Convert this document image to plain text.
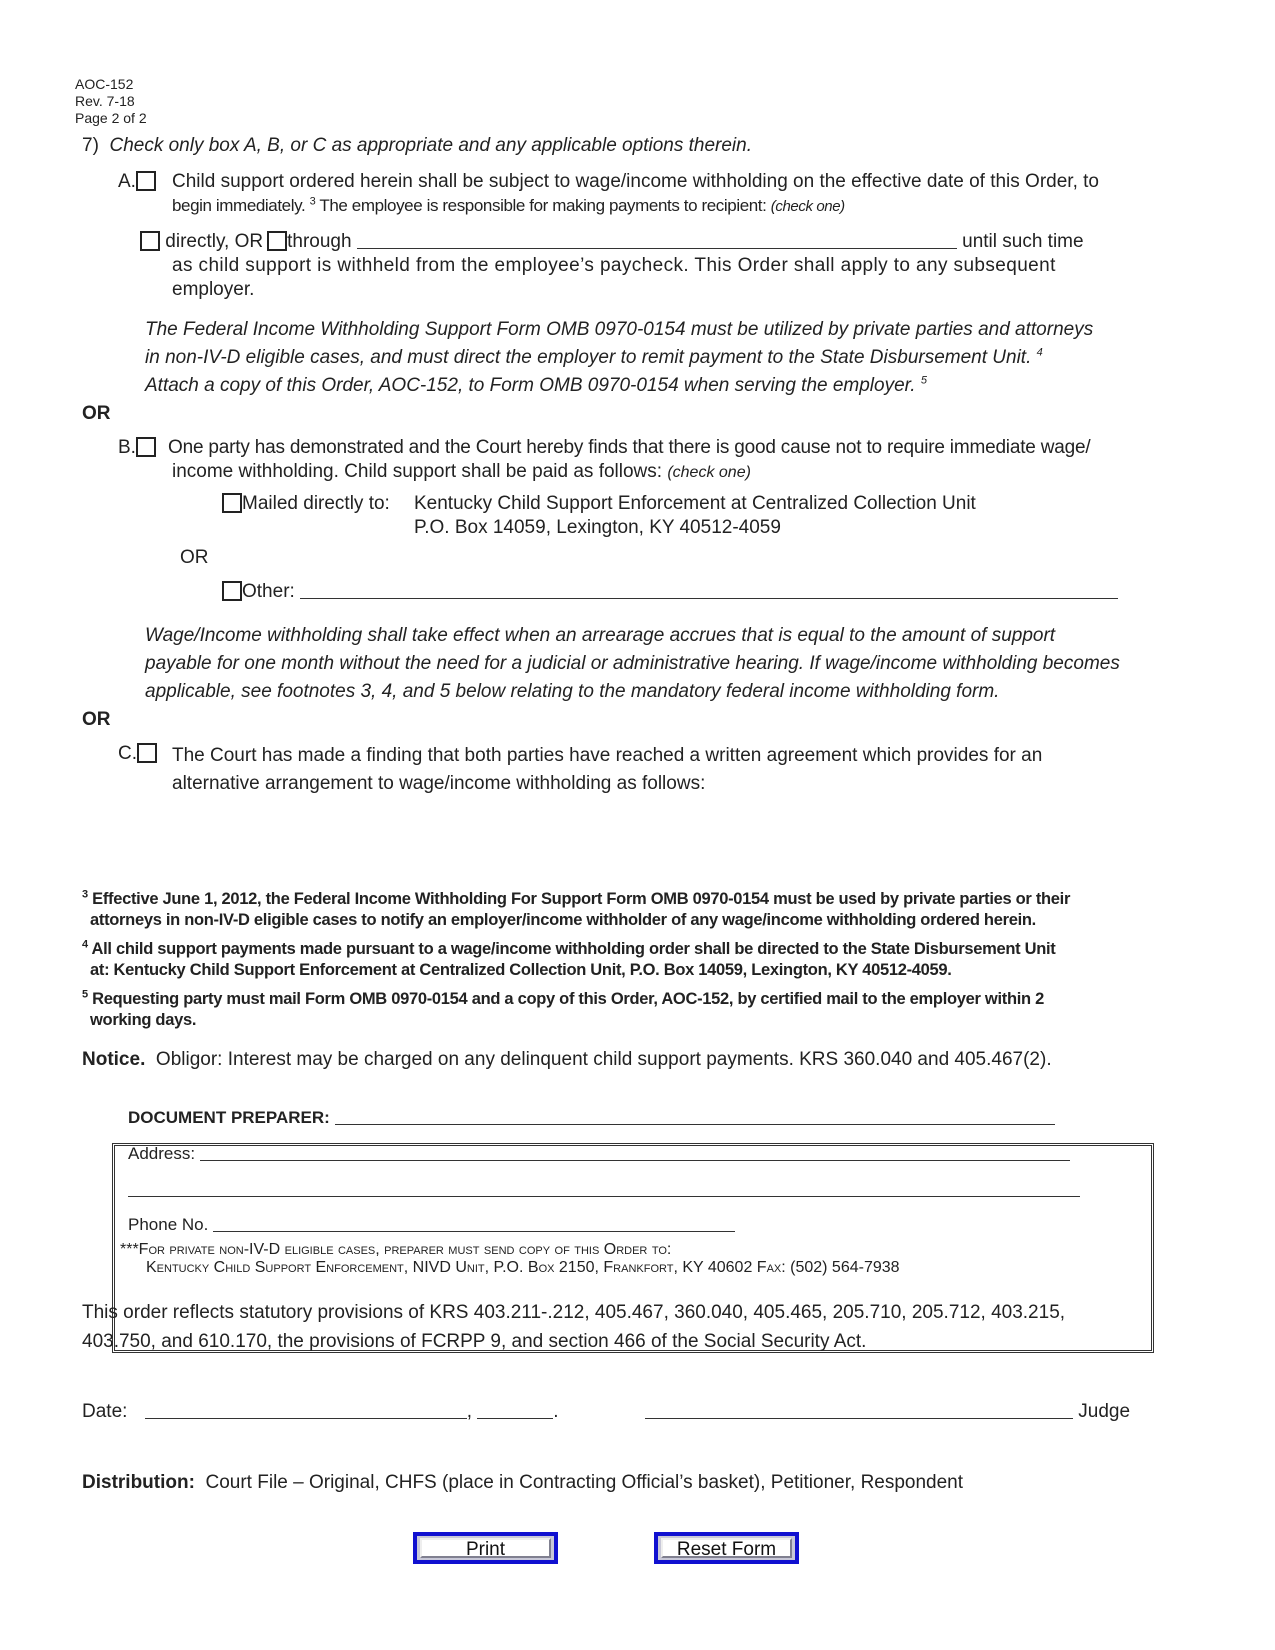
AOC-152
Rev. 7-18
Page 2 of 2
7) Check only box A, B, or C as appropriate and any applicable options therein.
A.	Child support ordered herein shall be subject to wage/income withholding on the effective date of this Order, to
begin immediately. $^3$ The employee is responsible for making payments to recipient: (check one)
directly, OR through	until such time
as child support is withheld from the employee’s paycheck. This Order shall apply to any subsequent
employer.
The Federal Income Withholding Support Form OMB 0970-0154 must be utilized by private parties and attorneys
in non-IV-D eligible cases, and must direct the employer to remit payment to the State Disbursement Unit. $^4$
Attach a copy of this Order, AOC-152, to Form OMB 0970-0154 when serving the employer. $^5$
OR
B.	One party has demonstrated and the Court hereby finds that there is good cause not to require immediate wage/
income withholding. Child support shall be paid as follows: (check one)
Mailed directly to: Kentucky Child Support Enforcement at Centralized Collection Unit
P.O. Box 14059, Lexington, KY 40512-4059
OR
Other:
Wage/Income withholding shall take effect when an arrearage accrues that is equal to the amount of support
payable for one month without the need for a judicial or administrative hearing. If wage/income withholding becomes
applicable, see footnotes 3, 4, and 5 below relating to the mandatory federal income withholding form.
OR
C.	The Court has made a finding that both parties have reached a written agreement which provides for an
alternative arrangement to wage/income withholding as follows:
$^3$ Effective June 1, 2012, the Federal Income Withholding For Support Form OMB 0970-0154 must be used by private parties or their
attorneys in non-IV-D eligible cases to notify an employer/income withholder of any wage/income withholding ordered herein.
$^4$ All child support payments made pursuant to a wage/income withholding order shall be directed to the State Disbursement Unit
at: Kentucky Child Support Enforcement at Centralized Collection Unit, P.O. Box 14059, Lexington, KY 40512-4059.
$^5$ Requesting party must mail Form OMB 0970-0154 and a copy of this Order, AOC-152, by certified mail to the employer within 2
working days.
Notice. Obligor: Interest may be charged on any delinquent child support payments. KRS 360.040 and 405.467(2).
DOCUMENT PREPARER:
Address:
Phone No.
***For private non-IV-D eligible cases, preparer must send copy of this Order to:
Kentucky Child Support Enforcement, NIVD Unit, P.O. Box 2150, Frankfort, KY 40602 Fax: (502) 564-7938
This order reflects statutory provisions of KRS 403.211-.212, 405.467, 360.040, 405.465, 205.710, 205.712, 403.215,
403.750, and 610.170, the provisions of FCRPP 9, and section 466 of the Social Security Act.
Date:	,	.	Judge
Distribution: Court File – Original, CHFS (place in Contracting Official’s basket), Petitioner, Respondent
Print	Reset Form
